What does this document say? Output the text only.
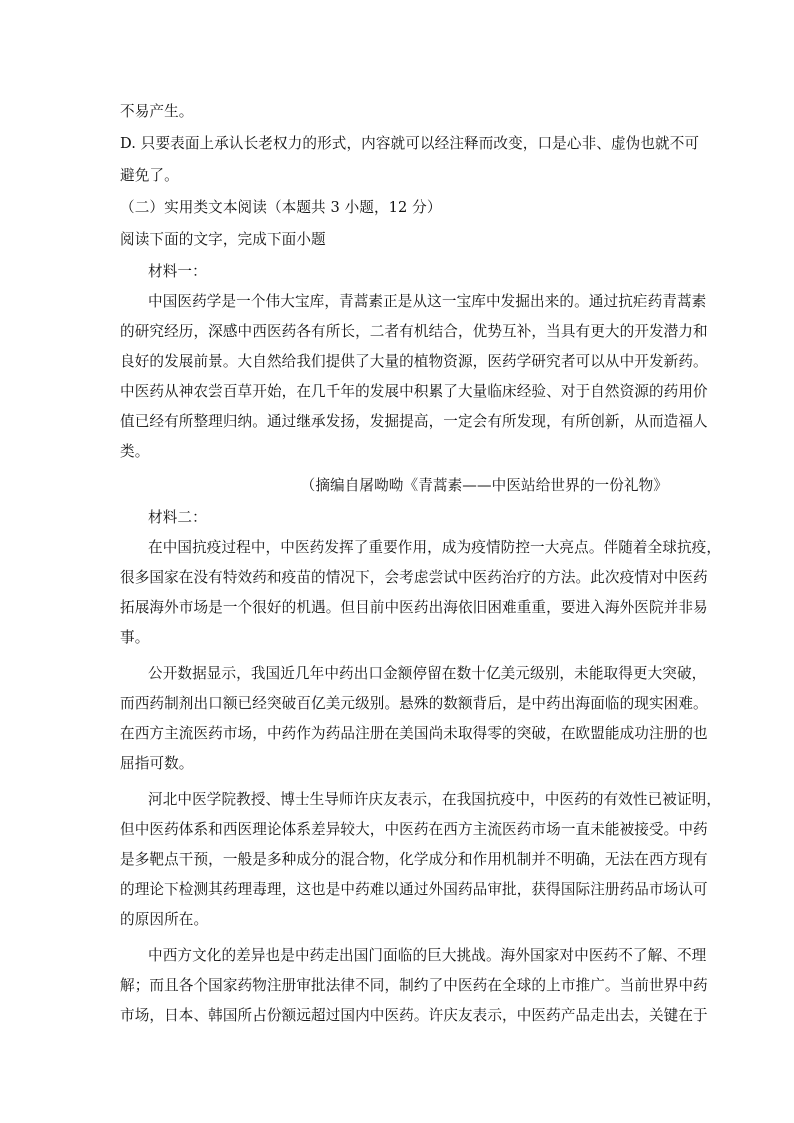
不易产生。
D. 只要表面上承认长老权力的形式，内容就可以经注释而改变，口是心非、虚伪也就不可
避免了。
（二）实用类文本阅读（本题共 3 小题，12 分）
阅读下面的文字，完成下面小题
材料一：
中国医药学是一个伟大宝库，青蒿素正是从这一宝库中发掘出来的。通过抗疟药青蒿素
的研究经历，深感中西医药各有所长，二者有机结合，优势互补，当具有更大的开发潜力和
良好的发展前景。大自然给我们提供了大量的植物资源，医药学研究者可以从中开发新药。
中医药从神农尝百草开始，在几千年的发展中积累了大量临床经验、对于自然资源的药用价
值已经有所整理归纳。通过继承发扬，发掘提高，一定会有所发现，有所创新，从而造福人
类。
（摘编自屠呦呦《青蒿素——中医站给世界的一份礼物》
材料二：
在中国抗疫过程中，中医药发挥了重要作用，成为疫情防控一大亮点。伴随着全球抗疫，
很多国家在没有特效药和疫苗的情况下，会考虑尝试中医药治疗的方法。此次疫情对中医药
拓展海外市场是一个很好的机遇。但目前中医药出海依旧困难重重，要进入海外医院并非易
事。
公开数据显示，我国近几年中药出口金额停留在数十亿美元级别，未能取得更大突破，
而西药制剂出口额已经突破百亿美元级别。悬殊的数额背后，是中药出海面临的现实困难。
在西方主流医药市场，中药作为药品注册在美国尚未取得零的突破，在欧盟能成功注册的也
屈指可数。
河北中医学院教授、博士生导师许庆友表示，在我国抗疫中，中医药的有效性已被证明，
但中医药体系和西医理论体系差异较大，中医药在西方主流医药市场一直未能被接受。中药
是多靶点干预，一般是多种成分的混合物，化学成分和作用机制并不明确，无法在西方现有
的理论下检测其药理毒理，这也是中药难以通过外国药品审批，获得国际注册药品市场认可
的原因所在。
中西方文化的差异也是中药走出国门面临的巨大挑战。海外国家对中医药不了解、不理
解；而且各个国家药物注册审批法律不同，制约了中医药在全球的上市推广。当前世界中药
市场，日本、韩国所占份额远超过国内中医药。许庆友表示，中医药产品走出去，关键在于
